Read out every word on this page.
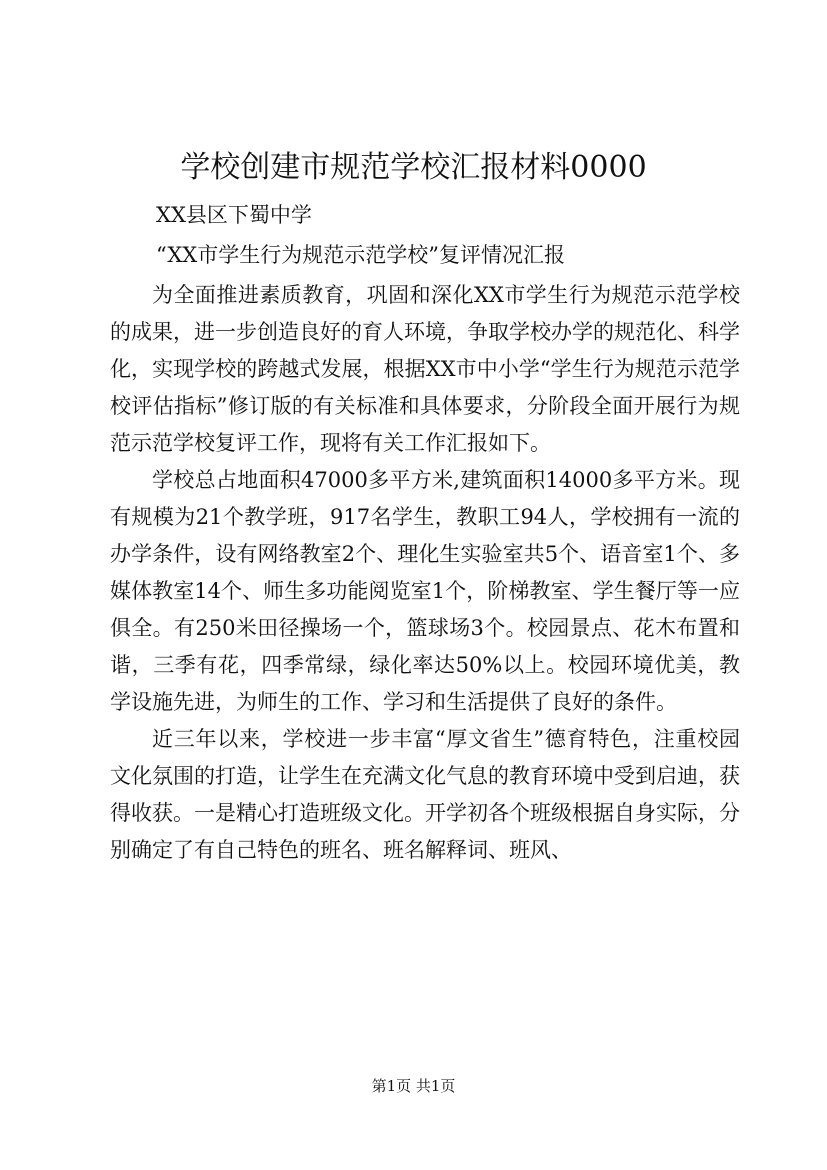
学校创建市规范学校汇报材料0000
XX县区下蜀中学
“XX市学生行为规范示范学校”复评情况汇报

为全面推进素质教育，巩固和深化XX市学生行为规范示范学校的成果，进一步创造良好的育人环境，争取学校办学的规范化、科学化，实现学校的跨越式发展，根据XX市中小学“学生行为规范示范学校评估指标”修订版的有关标准和具体要求，分阶段全面开展行为规范示范学校复评工作，现将有关工作汇报如下。

学校总占地面积47000多平方米,建筑面积14000多平方米。现有规模为21个教学班，917名学生，教职工94人，学校拥有一流的办学条件，设有网络教室2个、理化生实验室共5个、语音室1个、多媒体教室14个、师生多功能阅览室1个，阶梯教室、学生餐厅等一应俱全。有250米田径操场一个，篮球场3个。校园景点、花木布置和谐，三季有花，四季常绿，绿化率达50%以上。校园环境优美，教学设施先进，为师生的工作、学习和生活提供了良好的条件。

近三年以来，学校进一步丰富“厚文省生”德育特色，注重校园文化氛围的打造，让学生在充满文化气息的教育环境中受到启迪，获得收获。一是精心打造班级文化。开学初各个班级根据自身实际，分别确定了有自己特色的班名、班名解释词、班风、

第1页 共1页
